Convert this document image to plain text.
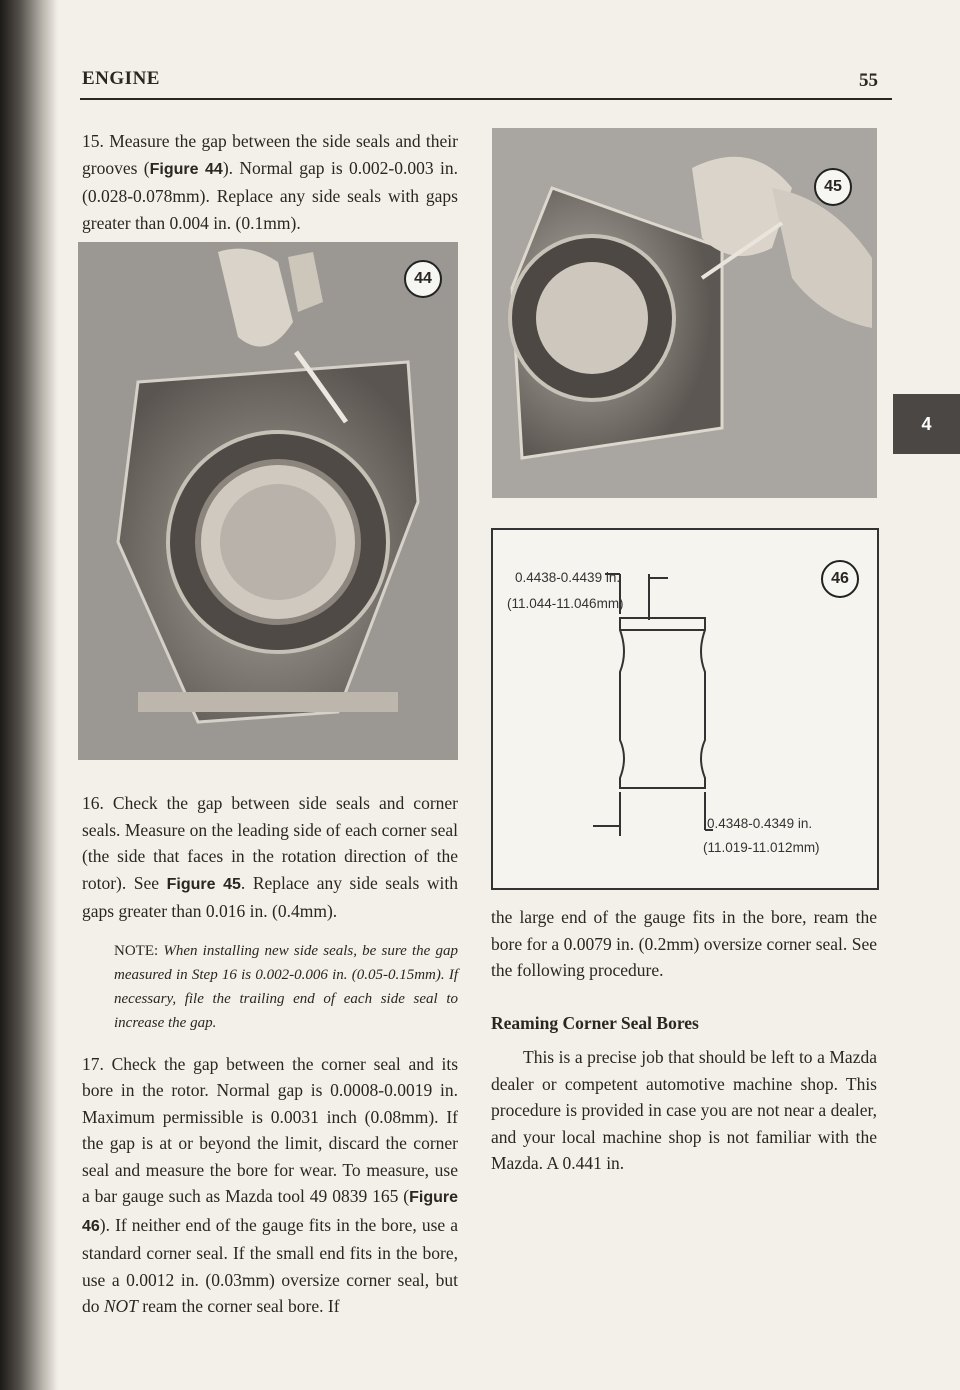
ENGINE	55
4

15. Measure the gap between the side seals and their grooves (Figure 44). Normal gap is 0.002-0.003 in. (0.028-0.078mm). Replace any side seals with gaps greater than 0.004 in. (0.1mm).

44

16. Check the gap between side seals and corner seals. Measure on the leading side of each corner seal (the side that faces in the rotation direction of the rotor). See Figure 45. Replace any side seals with gaps greater than 0.016 in. (0.4mm).

NOTE: When installing new side seals, be sure the gap measured in Step 16 is 0.002-0.006 in. (0.05-0.15mm). If necessary, file the trailing end of each side seal to increase the gap.

17. Check the gap between the corner seal and its bore in the rotor. Normal gap is 0.0008-0.0019 in. Maximum permissible is 0.0031 inch (0.08mm). If the gap is at or beyond the limit, discard the corner seal and measure the bore for wear. To measure, use a bar gauge such as Mazda tool 49 0839 165 (Figure 46). If neither end of the gauge fits in the bore, use a standard corner seal. If the small end fits in the bore, use a 0.0012 in. (0.03mm) oversize corner seal, but do NOT ream the corner seal bore. If

45
0.4438-0.4439 in.
(11.044-11.046mm)
0.4348-0.4349 in.
(11.019-11.012mm)
46

the large end of the gauge fits in the bore, ream the bore for a 0.0079 in. (0.2mm) oversize corner seal. See the following procedure.

Reaming Corner Seal Bores

This is a precise job that should be left to a Mazda dealer or competent automotive machine shop. This procedure is provided in case you are not near a dealer, and your local machine shop is not familiar with the Mazda. A 0.441 in.
